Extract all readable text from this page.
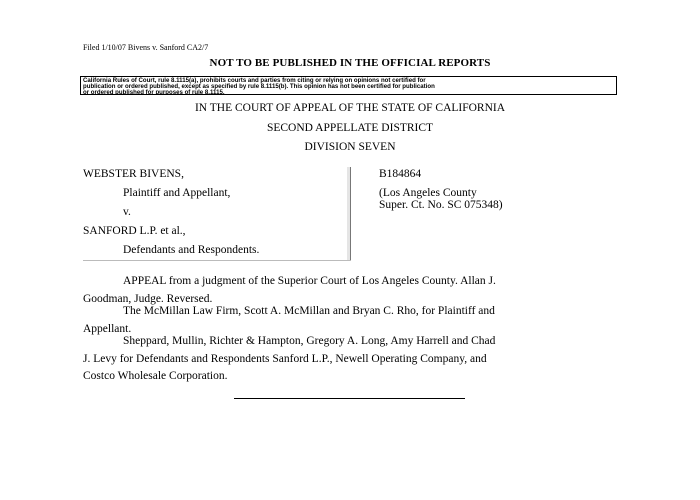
Filed 1/10/07 Bivens v. Sanford CA2/7
NOT TO BE PUBLISHED IN THE OFFICIAL REPORTS
California Rules of Court, rule 8.1115(a), prohibits courts and parties from citing or relying on opinions not certified for
publication or ordered published, except as specified by rule 8.1115(b). This opinion has not been certified for publication
or ordered published for purposes of rule 8.1115.
IN THE COURT OF APPEAL OF THE STATE OF CALIFORNIA
SECOND APPELLATE DISTRICT
DIVISION SEVEN
WEBSTER BIVENS,
Plaintiff and Appellant,
v.
SANFORD L.P. et al.,
Defendants and Respondents.
B184864
(Los Angeles County
Super. Ct. No. SC 075348)
APPEAL from a judgment of the Superior Court of Los Angeles County. Allan J.
Goodman, Judge. Reversed.
The McMillan Law Firm, Scott A. McMillan and Bryan C. Rho, for Plaintiff and
Appellant.
Sheppard, Mullin, Richter & Hampton, Gregory A. Long, Amy Harrell and Chad
J. Levy for Defendants and Respondents Sanford L.P., Newell Operating Company, and
Costco Wholesale Corporation.
